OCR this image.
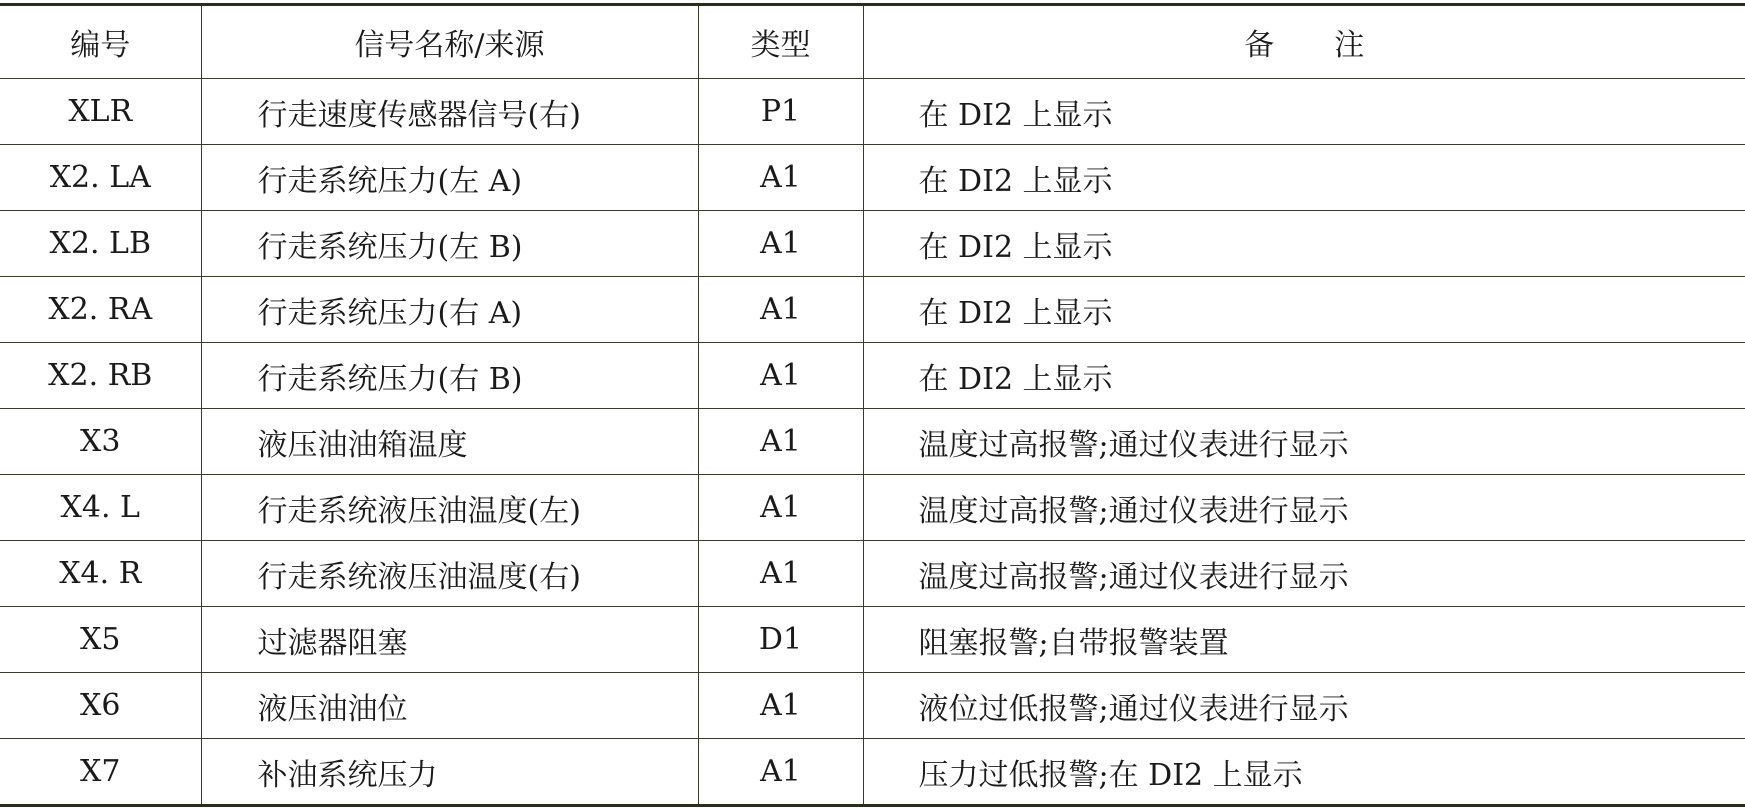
编号	信号名称/来源	类型	备注
XLR	行走速度传感器信号(右)	P1	在 DI2 上显示
X2. LA	行走系统压力(左 A)	A1	在 DI2 上显示
X2. LB	行走系统压力(左 B)	A1	在 DI2 上显示
X2. RA	行走系统压力(右 A)	A1	在 DI2 上显示
X2. RB	行走系统压力(右 B)	A1	在 DI2 上显示
X3	液压油油箱温度	A1	温度过高报警;通过仪表进行显示
X4. L	行走系统液压油温度(左)	A1	温度过高报警;通过仪表进行显示
X4. R	行走系统液压油温度(右)	A1	温度过高报警;通过仪表进行显示
X5	过滤器阻塞	D1	阻塞报警;自带报警装置
X6	液压油油位	A1	液位过低报警;通过仪表进行显示
X7	补油系统压力	A1	压力过低报警;在 DI2 上显示
